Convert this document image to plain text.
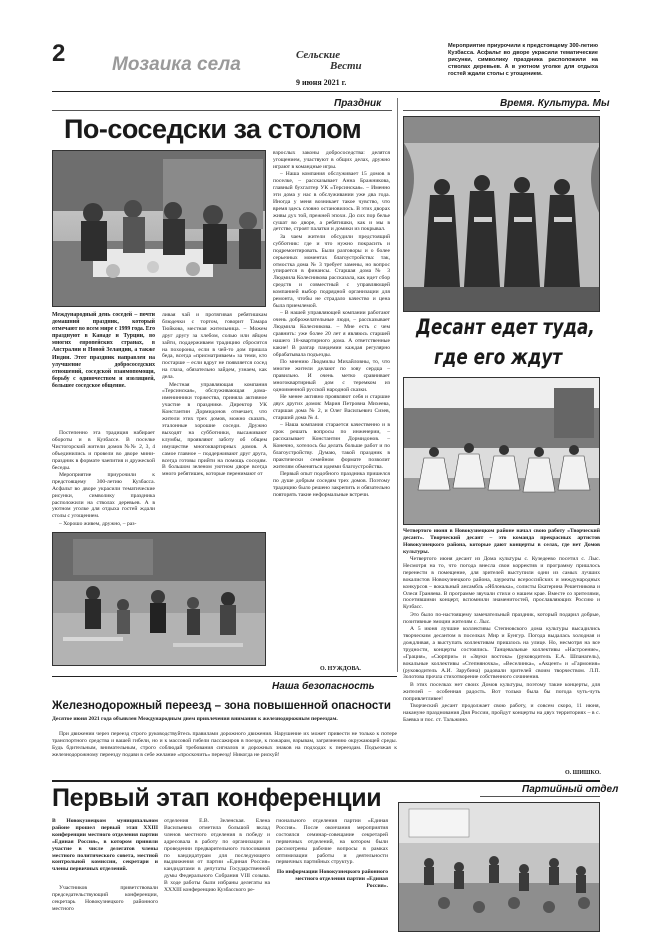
2 Мозаика села	Сельские
Вести
9 июня 2021 г.
Мероприятие приурочили к предстоящему 300-летию Кузбасса. Асфальт во дворе украсили тематические рисунки, символику праздника расположили на стволах деревьев. А в уютном уголке для отдыха гостей ждали столы с угощением.
Праздник
По-соседски за столом
Международный день соседей – почти домашний праздник, который отмечают во всем мире с 1999 года. Его празднуют в Канаде и Турции, во многих европейских странах, в Австралии и Новой Зеландии, а также Индии. Этот праздник направлен на улучшение добрососедских отношений, соседской взаимопомощи, борьбу с одиночеством и изоляцией, большее соседское общение.

Постепенно эта традиция набирает обороты и в Кузбассе. В поселке Чистогорский жители домов №№ 2, 3, 4 объединились и провели во дворе мини-праздник в формате чаепития и дружеской беседы.

Мероприятие приурочили к предстоящему 300-летию Кузбасса. Асфальт во дворе украсили тематические рисунки, символику праздника расположили на стволах деревьев. А в уютном уголке для отдыха гостей ждали столы с угощением.

– Хорошо живем, дружно, – раз-

ливая чай и протягивая ребятишкам блюдечки с тортом, говорит Тамара Тюйкова, местная жительница. – Можем друг другу за хлебом, солью или яйцом зайти, поддерживаем традицию сбросится на похороны, если в чей-то дом пришла беда, всегда «присматриваем» за теми, кто постарше – если вдруг не появляется сосед на глаза, обязательно зайдем, узнаем, как дела.

Местная управляющая компания «Терсинская», обслуживающая дома-именинники торжества, приняла активное участие в празднике. Директор УК Константин Дормидонов отмечает, что жители этих трех домов, можно сказать, эталонные хорошие соседи. Дружно выходят на субботники, высаживают клумбы, проявляют заботу об общем имуществе многоквартирных домов. А самое главное – поддерживают друг друга, всегда готовы прийти на помощь соседям. В большом зеленом уютном дворе всегда много ребятишек, которые перенимают от

взрослых законы добрососедства: делятся угощением, участвуют в общих делах, дружно играют в командные игры.

– Наша компания обслуживает 15 домов в поселке, – рассказывает Анна Бражникова, главный бухгалтер УК «Терсинская». – Именно эти дома у нас в обслуживании уже два года. Иногда у меня возникает такое чувство, что время здесь словно остановилось. В этих дворах живы дух той, прежней эпохи. До сих пор белье сушат во дворе, а ребятишки, как и мы в детстве, строят палатки и домики из покрывал.

За чаем жители обсудили предстоящий субботник: где и что нужно покрасить и подремонтировать. Были разговоры и о более серьезных моментах благоустройства: так, отмостка дома № 3 требует замены, но вопрос упирается в финансы. Старшая дома № 3 Людмила Колесникова рассказала, как идет сбор средств и совместный с управляющей компанией выбор подрядной организации для ремонта, чтобы не страдало качество и цена была приемлемой.

– В нашей управляющей компании работают очень доброжелательные люди, – рассказывает Людмила Колесникова. – Мне есть с чем сравнить: уже более 20 лет я являюсь старшей нашего 18-квартирного дома. А ответственные какие! В разгар пандемии каждая регулярно обрабатывала подъезды.

По мнению Людмилы Михайловны, то, что многие жители делают по зову сердца – правильно. И очень метко сравнивает многоквартирный дом с теремком из одноименной русской народной сказки.

Не менее активно проявляют себя и старшие двух других домов: Мария Петровна Михеева, старшая дома № 2, и Олег Васильевич Сизев, старший дома № 4.

– Наша компания старается качественно и в срок решать вопросы по инженерии, – рассказывает Константин Дормидонов. – Конечно, хотелось бы делать больше работ и по благоустройству. Думаю, такой праздник в практически семейном формате позволит жителям обменяться идеями благоустройства.

Первый опыт подобного праздника пришелся по душе добрым соседям трех домов. Поэтому традицию было решено закрепить и обязательно повторять такие неформальные встречи.

О. НУЖДОВА.
Время. Культура. Мы
Десант едет туда,
где его ждут
Четвертого июня в Новокузнецком районе начал свою работу «Творческий десант». Творческий десант – это команда прекрасных артистов Новокузнецкого района, которые дают концерты в селах, где нет Домов культуры.

Четвертого июня десант из Дома культуры с. Кузедеево посетил с. Лыс. Несмотря на то, что погода внесла свои корректив и программу пришлось перенести в помещение, для зрителей выступили одни из самых лучших вокалистов Новокузнецкого района, лауреаты всероссийских и международных конкурсов – вокальный ансамбль «Яблонька», солисты Екатерина Решетникова и Олеся Граняева. В программе звучали стихи о нашем крае. Вместе со зрителями, посетившими концерт, вспомнили знаменитостей, прославляющих Россию и Кузбасс.

Это было по-настоящему замечательный праздник, который подарил добрые, позитивные эмоции жителям с. Лыс.

А 5 июня лучшие коллективы Степновского дома культуры высадились творческим десантом в поселках Мир и Бунгур. Погода выдалась холодная и дождливая, а выступать коллективам пришлось на улице. Но, несмотря на все трудности, концерты состоялись. Танцевальные коллективы «Настроение», «Грация», «Сюрприз» и «Звуки востока» (руководитель Е.А. Шпанагель), вокальные коллективы «Степняночка», «Веселинка», «Акцент» и «Гармония» (руководитель А.И. Зарубина) радовали зрителей своим творчеством. Л.П. Золотова прочла стихотворение собственного сочинения.

В этих поселках нет своих Домов культуры, поэтому такие концерты, для жителей – особенная радость. Вот только была бы погода чуть-чуть попривлетливее!

Творческий десант продолжает свою работу, и совсем скоро, 11 июня, накануне празднования Дня России, пройдут концерты на двух территориях – в с. Баевка и пос. ст. Тальжино.

О. ШИШКО.
Наша безопасность
Железнодорожный переезд – зона повышенной опасности
Десятое июня 2021 года объявлен Международным днем привлечения внимания к железнодорожным переездам.

При движении через переезд строго руководствуйтесь правилами дорожного движения. Нарушение их может привести не только к потере транспортного средства и вашей гибели, но и к массовой гибели пассажиров в поезде, к пожарам, взрывам, загрязнению окружающей среды. Будь бдительным, внимательным, строго соблюдай требования сигналов и дорожных знаков на подходах к переездам. Подъезжая к железнодорожному переезду подави в себе желание «проскочить» переезд! Никогда не рискуй!

Первый этап конференции	Партийный отдел
В Новокузнецком муниципальном районе прошел первый этап XXIII конференции местного отделения партии «Единая Россия», в котором приняли участие в числе делегатов члены местного политического совета, местной контрольной комиссии, секретари и члены первичных отделений.

Участников приветствовали председательствующий конференции, секретарь Новокузнецкого районного местного

отделения Е.В. Зеленская. Елена Васильевна отметила большой вклад членов местного отделения в победу и адресовала в работу по организации и проведении предварительного голосования по кандидатурам для последующего выдвижения от партии «Единая Россия» кандидатами в депутаты Государственной думы Федерального Собрания VIII созыва. В ходе работы были избраны делегаты на XXXIII конференцию Кузбасского ре-

гионального отделения партии «Единая Россия». После окончания мероприятия состоялся семинар-совещание секретарей первичных отделений, на котором были рассмотрены рабочие вопросы в рамках оптимизации работы и деятельности первичных партийных структур.

По информации Новокузнецкого районного местного отделения партии «Единая Россия».
